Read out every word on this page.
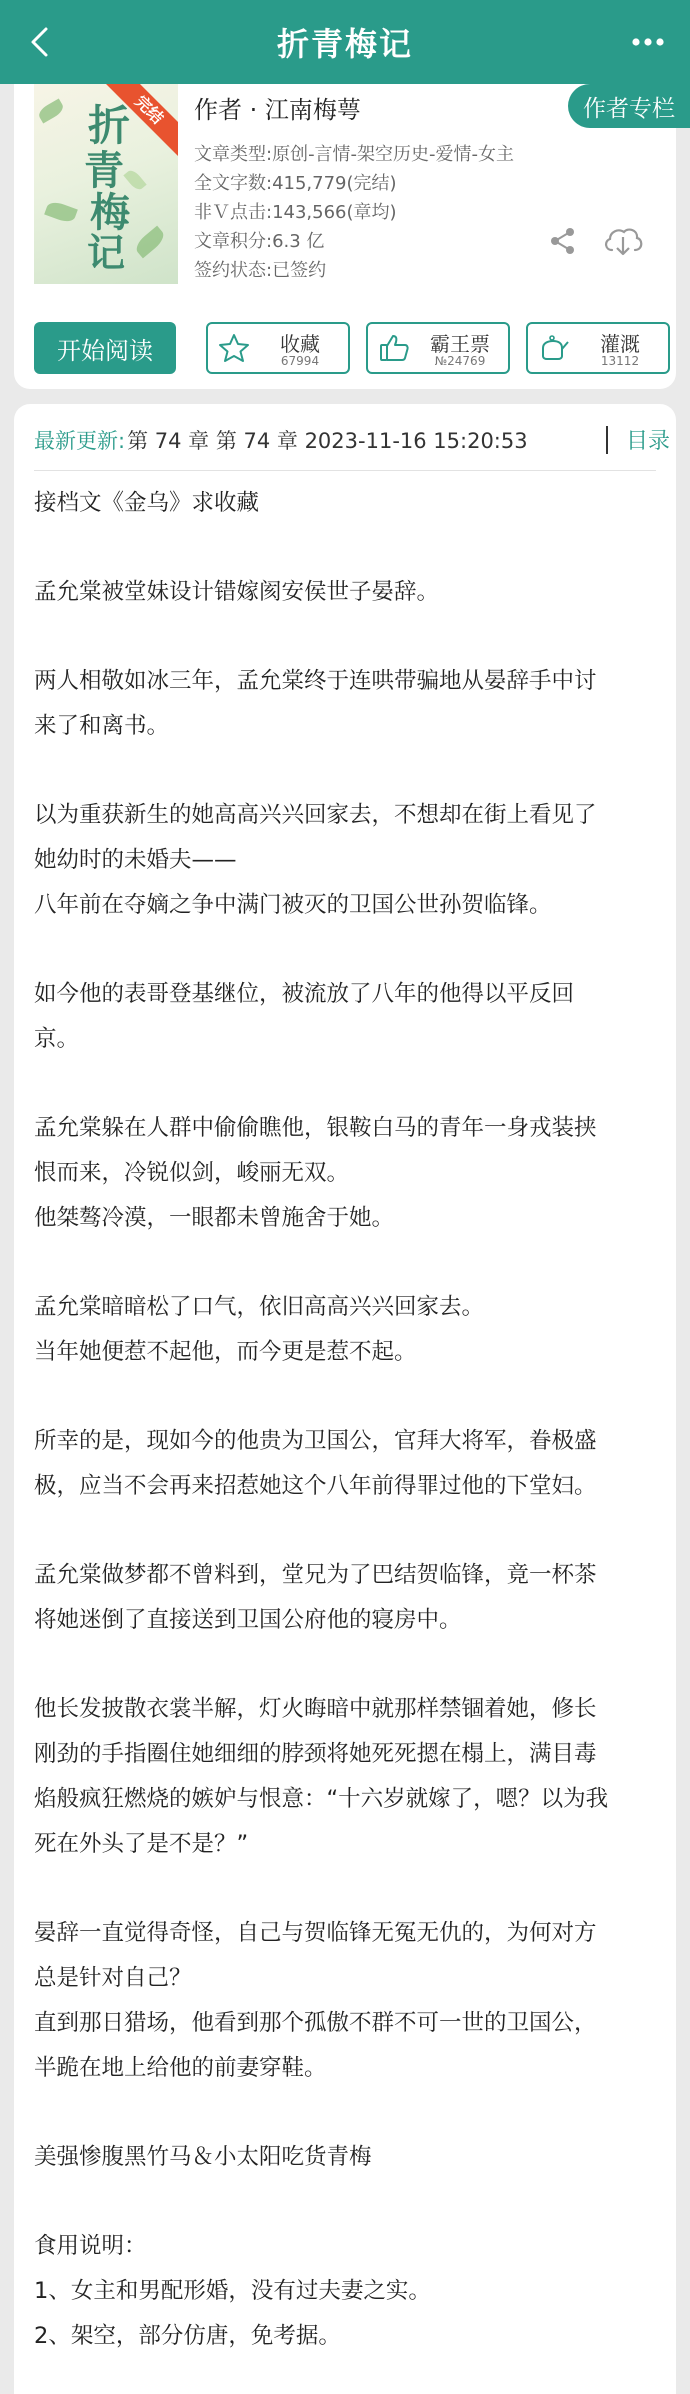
折青梅记
折
青
梅
记
完结	作者 · 江南梅萼	作者专栏
文章类型:原创-言情-架空历史-爱情-女主
全文字数:415,779(完结)
非Ｖ点击:143,566(章均)
文章积分:6.3 亿
签约状态:已签约
开始阅读	收藏
67994
霸王票
№24769
灌溉
13112
最新更新: 第 74 章 第 74 章 2023-11-16 15:20:53	目录

接档文《金乌》求收藏

孟允棠被堂妹设计错嫁阂安侯世子晏辞。

两人相敬如冰三年，孟允棠终于连哄带骗地从晏辞手中讨

来了和离书。

以为重获新生的她高高兴兴回家去，不想却在街上看见了

她幼时的未婚夫——

八年前在夺嫡之争中满门被灭的卫国公世孙贺临锋。

如今他的表哥登基继位，被流放了八年的他得以平反回

京。

孟允棠躲在人群中偷偷瞧他，银鞍白马的青年一身戎装挟

恨而来，冷锐似剑，峻丽无双。

他桀骜冷漠，一眼都未曾施舍于她。

孟允棠暗暗松了口气，依旧高高兴兴回家去。

当年她便惹不起他，而今更是惹不起。

所幸的是，现如今的他贵为卫国公，官拜大将军，眷极盛

极，应当不会再来招惹她这个八年前得罪过他的下堂妇。

孟允棠做梦都不曾料到，堂兄为了巴结贺临锋，竟一杯茶

将她迷倒了直接送到卫国公府他的寝房中。

他长发披散衣裳半解，灯火晦暗中就那样禁锢着她，修长

刚劲的手指圈住她细细的脖颈将她死死摁在榻上，满目毒

焰般疯狂燃烧的嫉妒与恨意：“十六岁就嫁了，嗯？以为我

死在外头了是不是？”

晏辞一直觉得奇怪，自己与贺临锋无冤无仇的，为何对方

总是针对自己？

直到那日猎场，他看到那个孤傲不群不可一世的卫国公，

半跪在地上给他的前妻穿鞋。

美强惨腹黑竹马＆小太阳吃货青梅

食用说明：

1、女主和男配形婚，没有过夫妻之实。

2、架空，部分仿唐，免考据。
